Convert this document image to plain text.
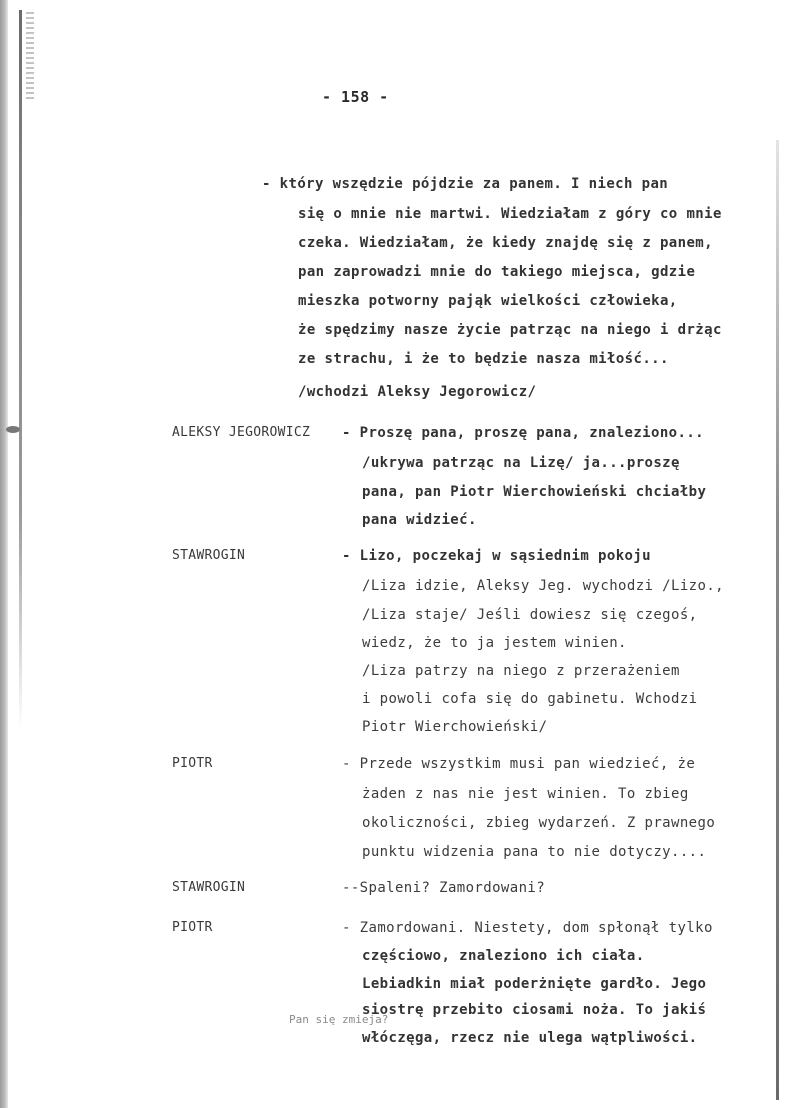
- 158 -
- który wszędzie pójdzie za panem. I niech pan
się o mnie nie martwi. Wiedziałam z góry co mnie
czeka. Wiedziałam, że kiedy znajdę się z panem,
pan zaprowadzi mnie do takiego miejsca, gdzie
mieszka potworny pająk wielkości człowieka,
że spędzimy nasze życie patrząc na niego i drżąc
ze strachu, i że to będzie nasza miłość...
/wchodzi Aleksy Jegorowicz/
ALEKSY JEGOROWICZ - Proszę pana, proszę pana, znaleziono...
/ukrywa patrząc na Lizę/ ja...proszę
pana, pan Piotr Wierchowieński chciałby
pana widzieć.
STAWROGIN	- Lizo, poczekaj w sąsiednim pokoju
/Liza idzie, Aleksy Jeg. wychodzi /Lizo.,
/Liza staje/ Jeśli dowiesz się czegoś,
wiedz, że to ja jestem winien.
/Liza patrzy na niego z przerażeniem
i powoli cofa się do gabinetu. Wchodzi
Piotr Wierchowieński/
PIOTR	- Przede wszystkim musi pan wiedzieć, że
żaden z nas nie jest winien. To zbieg
okoliczności, zbieg wydarzeń. Z prawnego
punktu widzenia pana to nie dotyczy....
STAWROGIN	--Spaleni? Zamordowani?
PIOTR	- Zamordowani. Niestety, dom spłonął tylko
częściowo, znaleziono ich ciała.
Lebiadkin miał poderżnięte gardło. Jego
siostrę przebito ciosami noża. To jakiś
włóczęga, rzecz nie ulega wątpliwości.
Pan się zmieja?
